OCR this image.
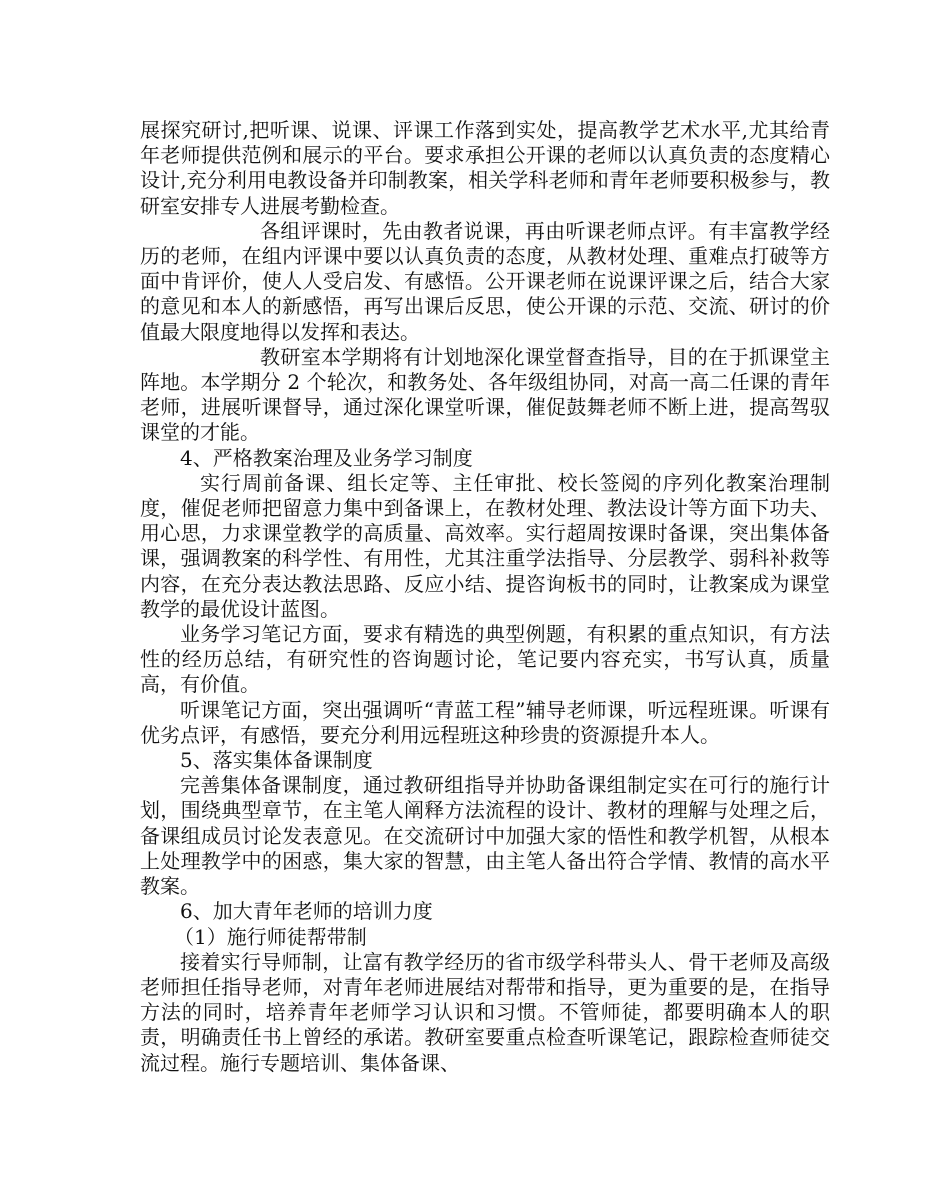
展探究研讨,把听课、说课、评课工作落到实处，提高教学艺术水平,尤其给青年老师提供范例和展示的平台。要求承担公开课的老师以认真负责的态度精心设计,充分利用电教设备并印制教案，相关学科老师和青年老师要积极参与，教研室安排专人进展考勤检查。

各组评课时，先由教者说课，再由听课老师点评。有丰富教学经历的老师，在组内评课中要以认真负责的态度，从教材处理、重难点打破等方面中肯评价，使人人受启发、有感悟。公开课老师在说课评课之后，结合大家的意见和本人的新感悟，再写出课后反思，使公开课的示范、交流、研讨的价值最大限度地得以发挥和表达。

教研室本学期将有计划地深化课堂督查指导，目的在于抓课堂主阵地。本学期分 2 个轮次，和教务处、各年级组协同，对高一高二任课的青年老师，进展听课督导，通过深化课堂听课，催促鼓舞老师不断上进，提高驾驭课堂的才能。

4、严格教案治理及业务学习制度

实行周前备课、组长定等、主任审批、校长签阅的序列化教案治理制度，催促老师把留意力集中到备课上，在教材处理、教法设计等方面下功夫、用心思，力求课堂教学的高质量、高效率。实行超周按课时备课，突出集体备课，强调教案的科学性、有用性，尤其注重学法指导、分层教学、弱科补救等内容，在充分表达教法思路、反应小结、提咨询板书的同时，让教案成为课堂教学的最优设计蓝图。

业务学习笔记方面，要求有精选的典型例题，有积累的重点知识，有方法性的经历总结，有研究性的咨询题讨论，笔记要内容充实，书写认真，质量高，有价值。

听课笔记方面，突出强调听“青蓝工程”辅导老师课，听远程班课。听课有优劣点评，有感悟，要充分利用远程班这种珍贵的资源提升本人。

5、落实集体备课制度

完善集体备课制度，通过教研组指导并协助备课组制定实在可行的施行计划，围绕典型章节，在主笔人阐释方法流程的设计、教材的理解与处理之后，备课组成员讨论发表意见。在交流研讨中加强大家的悟性和教学机智，从根本上处理教学中的困惑，集大家的智慧，由主笔人备出符合学情、教情的高水平教案。

6、加大青年老师的培训力度

（1）施行师徒帮带制

接着实行导师制，让富有教学经历的省市级学科带头人、骨干老师及高级老师担任指导老师，对青年老师进展结对帮带和指导，更为重要的是，在指导方法的同时，培养青年老师学习认识和习惯。不管师徒，都要明确本人的职责，明确责任书上曾经的承诺。教研室要重点检查听课笔记，跟踪检查师徒交流过程。施行专题培训、集体备课、
